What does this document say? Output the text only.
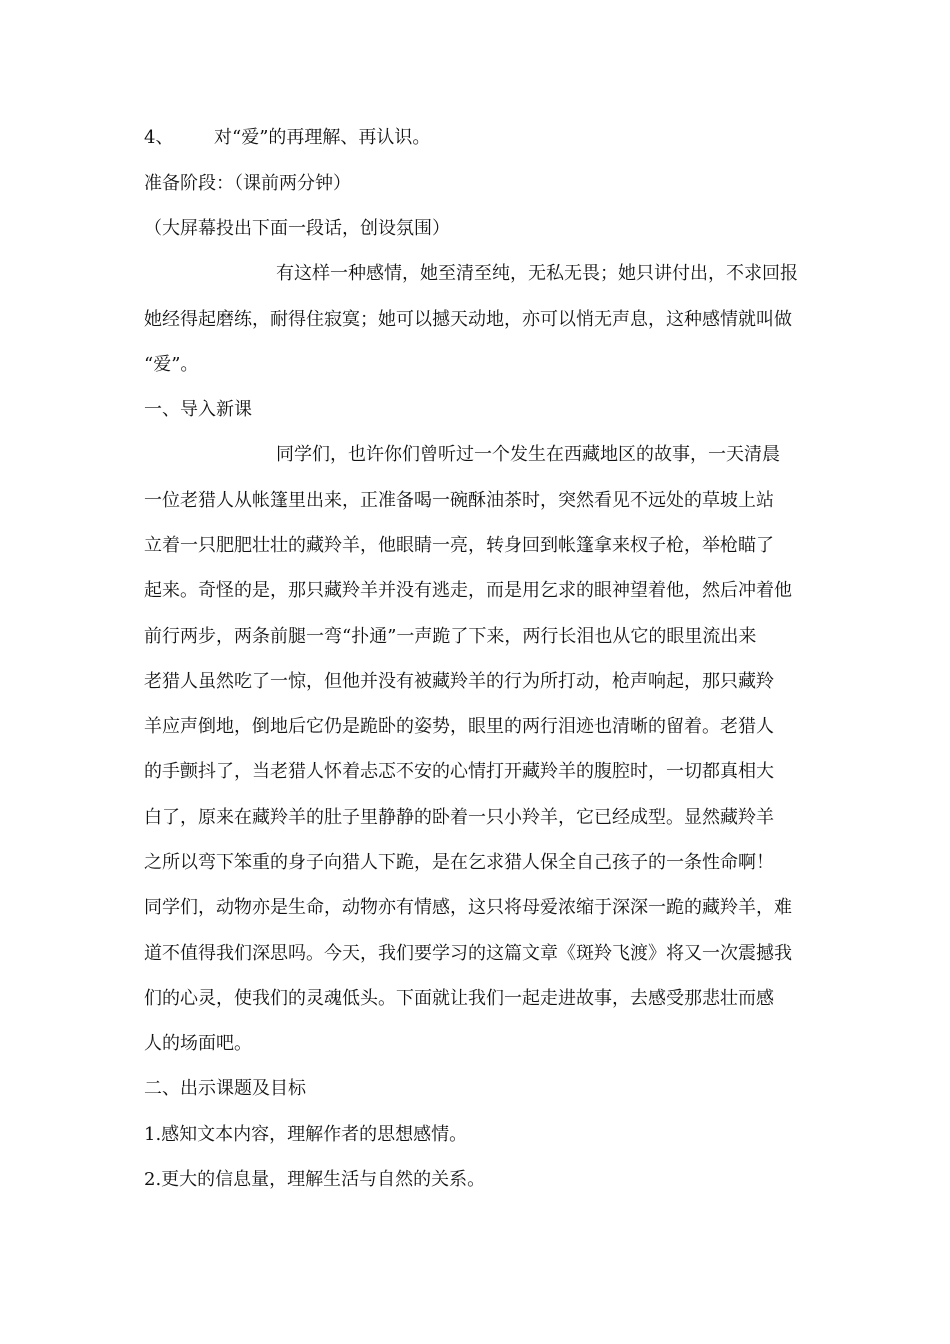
4、 对“爱”的再理解、再认识。
准备阶段：（课前两分钟）
（大屏幕投出下面一段话，创设氛围）
有这样一种感情，她至清至纯，无私无畏；她只讲付出，不求回报
她经得起磨练，耐得住寂寞；她可以撼天动地，亦可以悄无声息，这种感情就叫做
“爱”。
一、导入新课
同学们，也许你们曾听过一个发生在西藏地区的故事，一天清晨
一位老猎人从帐篷里出来，正准备喝一碗酥油茶时，突然看见不远处的草坡上站
立着一只肥肥壮壮的藏羚羊，他眼睛一亮，转身回到帐篷拿来杈子枪，举枪瞄了
起来。奇怪的是，那只藏羚羊并没有逃走，而是用乞求的眼神望着他，然后冲着他
前行两步，两条前腿一弯“扑通”一声跪了下来，两行长泪也从它的眼里流出来
老猎人虽然吃了一惊，但他并没有被藏羚羊的行为所打动，枪声响起，那只藏羚
羊应声倒地，倒地后它仍是跪卧的姿势，眼里的两行泪迹也清晰的留着。老猎人
的手颤抖了，当老猎人怀着忐忑不安的心情打开藏羚羊的腹腔时，一切都真相大
白了，原来在藏羚羊的肚子里静静的卧着一只小羚羊，它已经成型。显然藏羚羊
之所以弯下笨重的身子向猎人下跪，是在乞求猎人保全自己孩子的一条性命啊！
同学们，动物亦是生命，动物亦有情感，这只将母爱浓缩于深深一跪的藏羚羊，难
道不值得我们深思吗。今天，我们要学习的这篇文章《斑羚飞渡》将又一次震撼我
们的心灵，使我们的灵魂低头。下面就让我们一起走进故事，去感受那悲壮而感
人的场面吧。
二、出示课题及目标
1.感知文本内容，理解作者的思想感情。
2.更大的信息量，理解生活与自然的关系。
